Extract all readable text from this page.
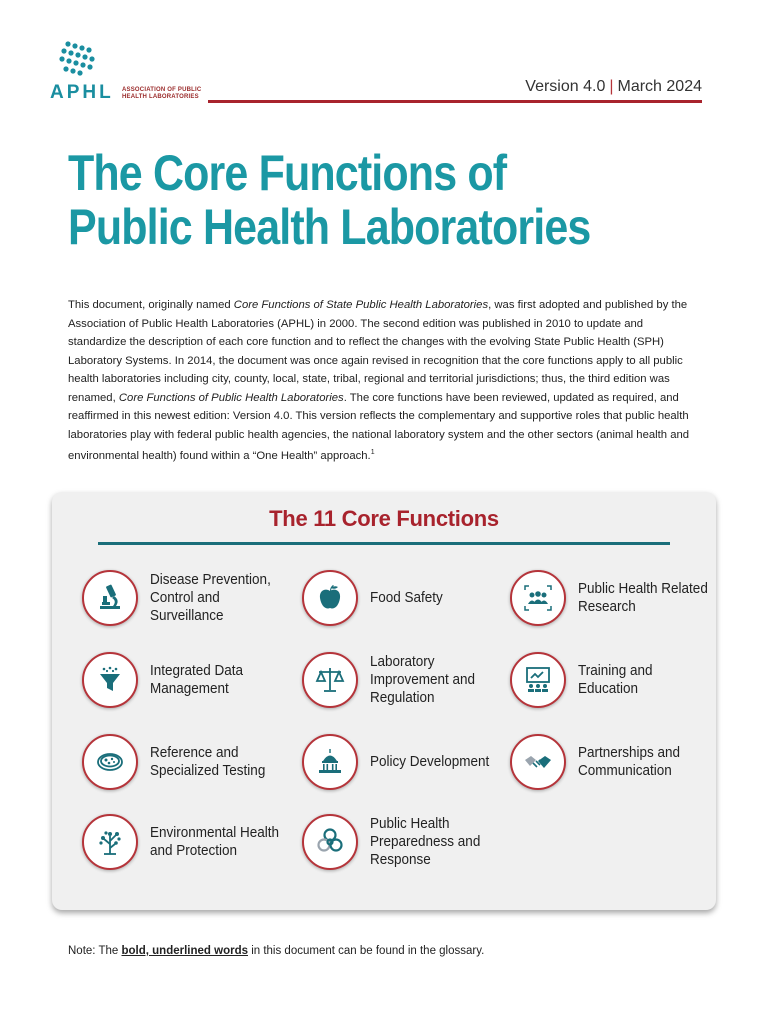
APHL ASSOCIATION OF PUBLIC HEALTH LABORATORIES
Version 4.0 | March 2024
The Core Functions of
Public Health Laboratories

This document, originally named Core Functions of State Public Health Laboratories, was first adopted and published by the Association of Public Health Laboratories (APHL) in 2000. The second edition was published in 2010 to update and standardize the description of each core function and to reflect the changes with the evolving State Public Health (SPH) Laboratory Systems. In 2014, the document was once again revised in recognition that the core functions apply to all public health laboratories including city, county, local, state, tribal, regional and territorial jurisdictions; thus, the third edition was renamed, Core Functions of Public Health Laboratories. The core functions have been reviewed, updated as required, and reaffirmed in this newest edition: Version 4.0. This version reflects the complementary and supportive roles that public health laboratories play with federal public health agencies, the national laboratory system and the other sectors (animal health and environmental health) found within a “One Health” approach.$^1$

The 11 Core Functions
Disease Prevention, Control and Surveillance
Food Safety
Public Health Related Research
Integrated Data Management
Laboratory Improvement and Regulation
Training and Education
Reference and Specialized Testing
Policy Development
Partnerships and Communication
Environmental Health and Protection
Public Health Preparedness and Response

Note: The bold, underlined words in this document can be found in the glossary.
